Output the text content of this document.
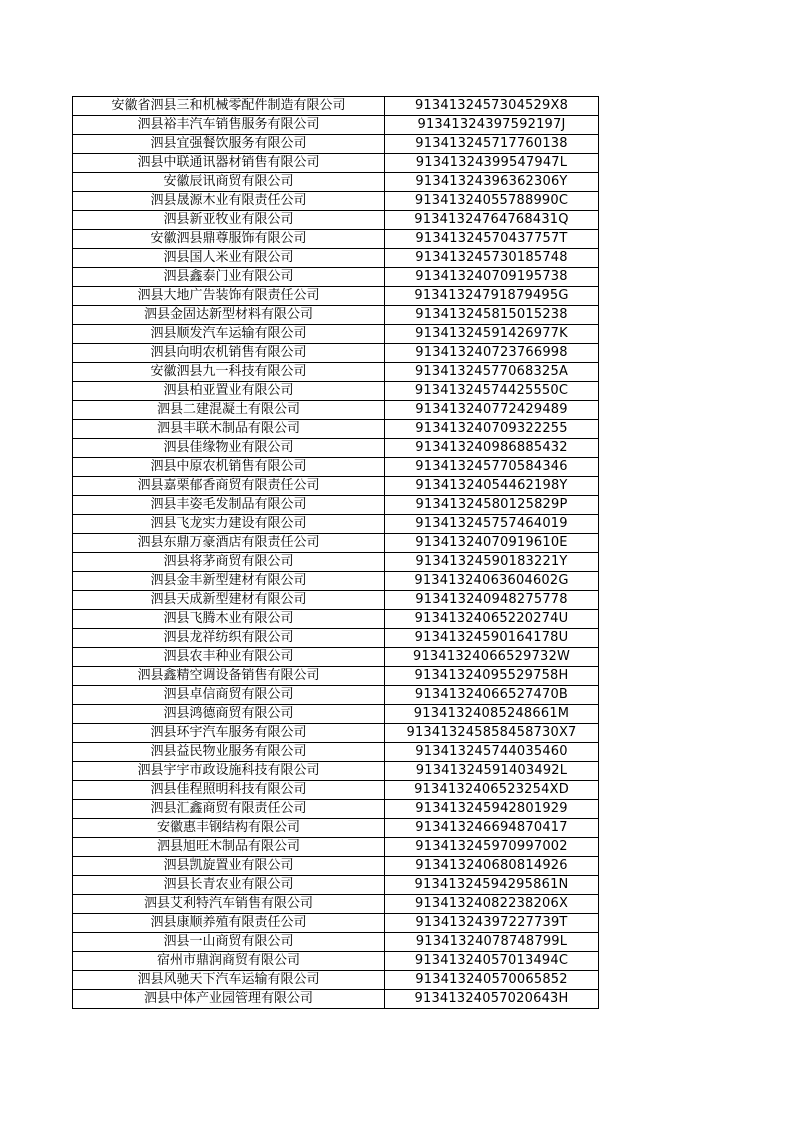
安徽省泗县三和机械零配件制造有限公司	9134132457304529X8
泗县裕丰汽车销售服务有限公司	91341324397592197J
泗县宜强餐饮服务有限公司	913413245717760138
泗县中联通讯器材销售有限公司	91341324399547947L
安徽辰讯商贸有限公司	91341324396362306Y
泗县晟源木业有限责任公司	91341324055788990C
泗县新亚牧业有限公司	91341324764768431Q
安徽泗县鼎尊服饰有限公司	91341324570437757T
泗县国人米业有限公司	913413245730185748
泗县鑫泰门业有限公司	913413240709195738
泗县大地广告装饰有限责任公司	91341324791879495G
泗县金固达新型材料有限公司	913413245815015238
泗县顺发汽车运输有限公司	91341324591426977K
泗县向明农机销售有限公司	913413240723766998
安徽泗县九一科技有限公司	91341324577068325A
泗县柏亚置业有限公司	91341324574425550C
泗县二建混凝土有限公司	913413240772429489
泗县丰联木制品有限公司	913413240709322255
泗县佳缘物业有限公司	913413240986885432
泗县中原农机销售有限公司	913413245770584346
泗县嘉栗郁香商贸有限责任公司	91341324054462198Y
泗县丰姿毛发制品有限公司	91341324580125829P
泗县飞龙实力建设有限公司	913413245757464019
泗县东鼎万豪酒店有限责任公司	91341324070919610E
泗县将茅商贸有限公司	91341324590183221Y
泗县金丰新型建材有限公司	91341324063604602G
泗县天成新型建材有限公司	913413240948275778
泗县飞腾木业有限公司	91341324065220274U
泗县龙祥纺织有限公司	91341324590164178U
泗县农丰种业有限公司	91341324066529732W
泗县鑫精空调设备销售有限公司	91341324095529758H
泗县卓信商贸有限公司	91341324066527470B
泗县鸿德商贸有限公司	91341324085248661M
泗县环宇汽车服务有限公司	913413245858458730X7
泗县益民物业服务有限公司	913413245744035460
泗县宇宇市政设施科技有限公司	91341324591403492L
泗县佳程照明科技有限公司	9134132406523254XD
泗县汇鑫商贸有限责任公司	913413245942801929
安徽惠丰钢结构有限公司	913413246694870417
泗县旭旺木制品有限公司	913413245970997002
泗县凯旋置业有限公司	913413240680814926
泗县长青农业有限公司	91341324594295861N
泗县艾利特汽车销售有限公司	91341324082238206X
泗县康顺养殖有限责任公司	91341324397227739T
泗县一山商贸有限公司	91341324078748799L
宿州市鼎润商贸有限公司	91341324057013494C
泗县风驰天下汽车运输有限公司	913413240570065852
泗县中体产业园管理有限公司	91341324057020643H
